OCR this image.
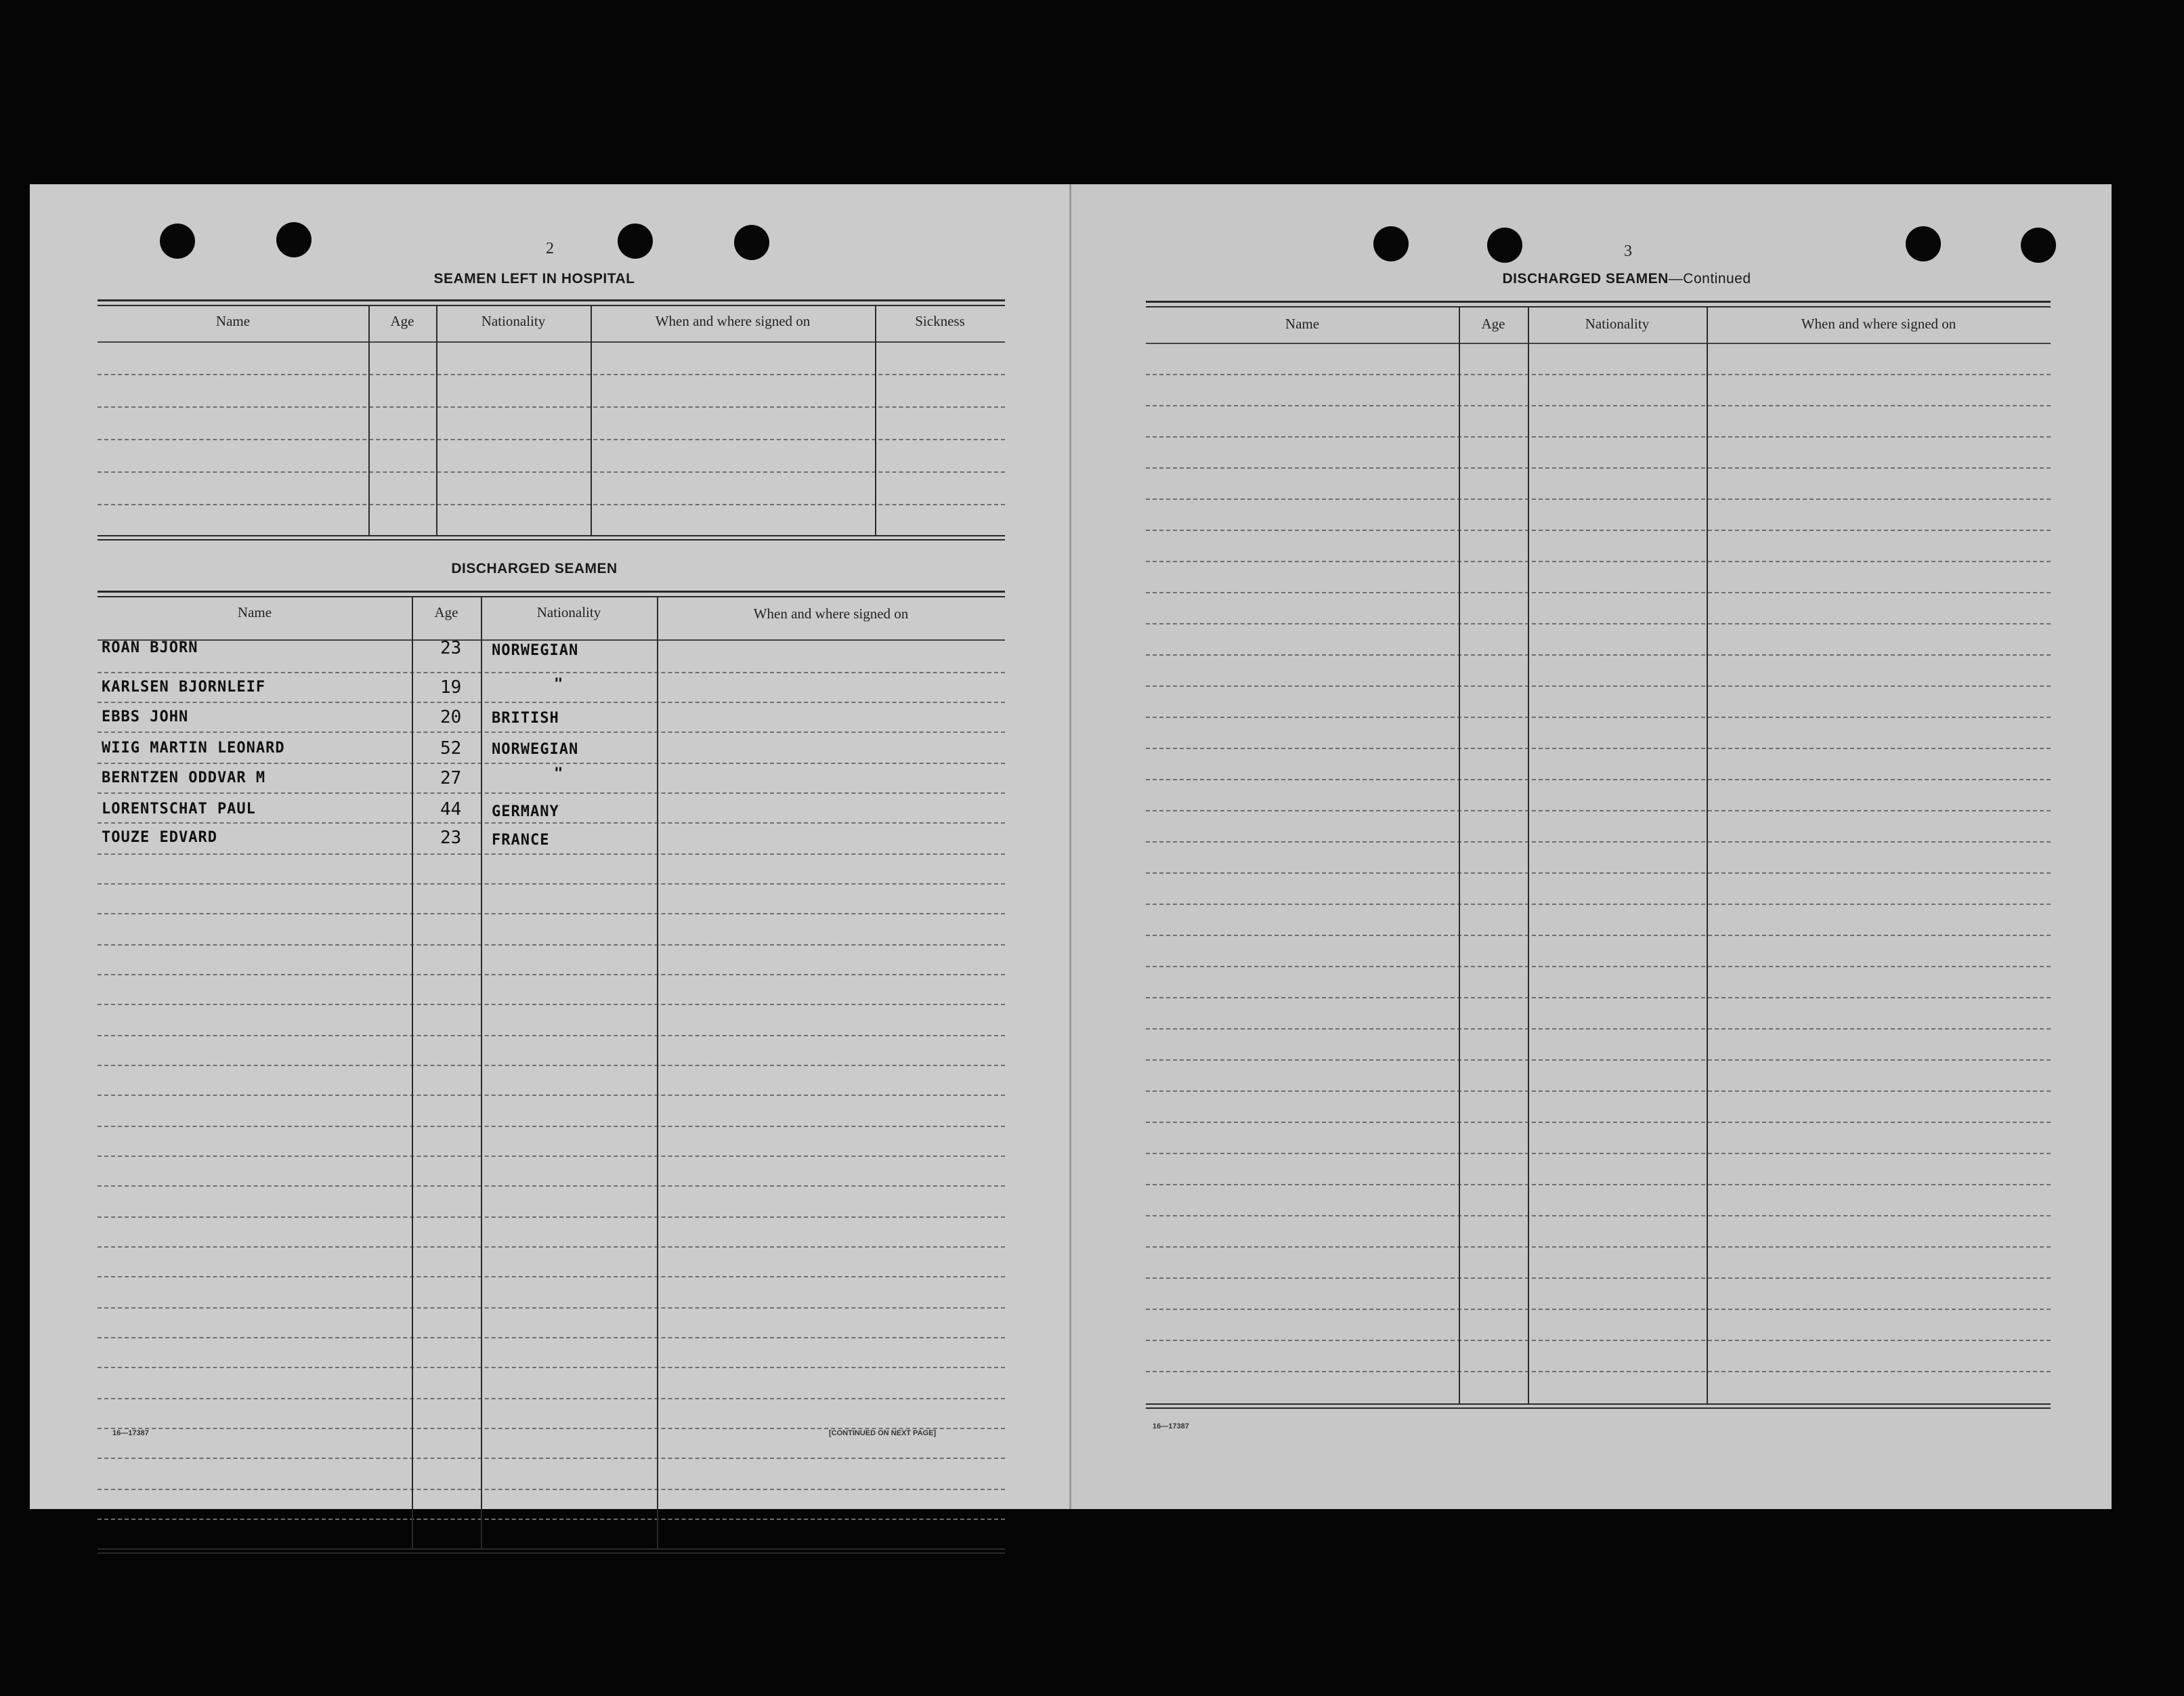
2
SEAMEN LEFT IN HOSPITAL
Name	Age	Nationality	When and where signed on	Sickness
DISCHARGED SEAMEN
Name	Age	Nationality	When and where signed on
ROAN BJORN	23 NORWEGIAN
KARLSEN BJORNLEIF	19	"
EBBS JOHN	20 BRITISH
WIIG MARTIN LEONARD	52 NORWEGIAN
BERNTZEN ODDVAR M	27	"
LORENTSCHAT PAUL	44 GERMANY
TOUZE EDVARD	23 FRANCE
16—17387	[CONTINUED ON NEXT PAGE]
3
DISCHARGED SEAMEN—Continued
Name	Age	Nationality	When and where signed on
16—17387
